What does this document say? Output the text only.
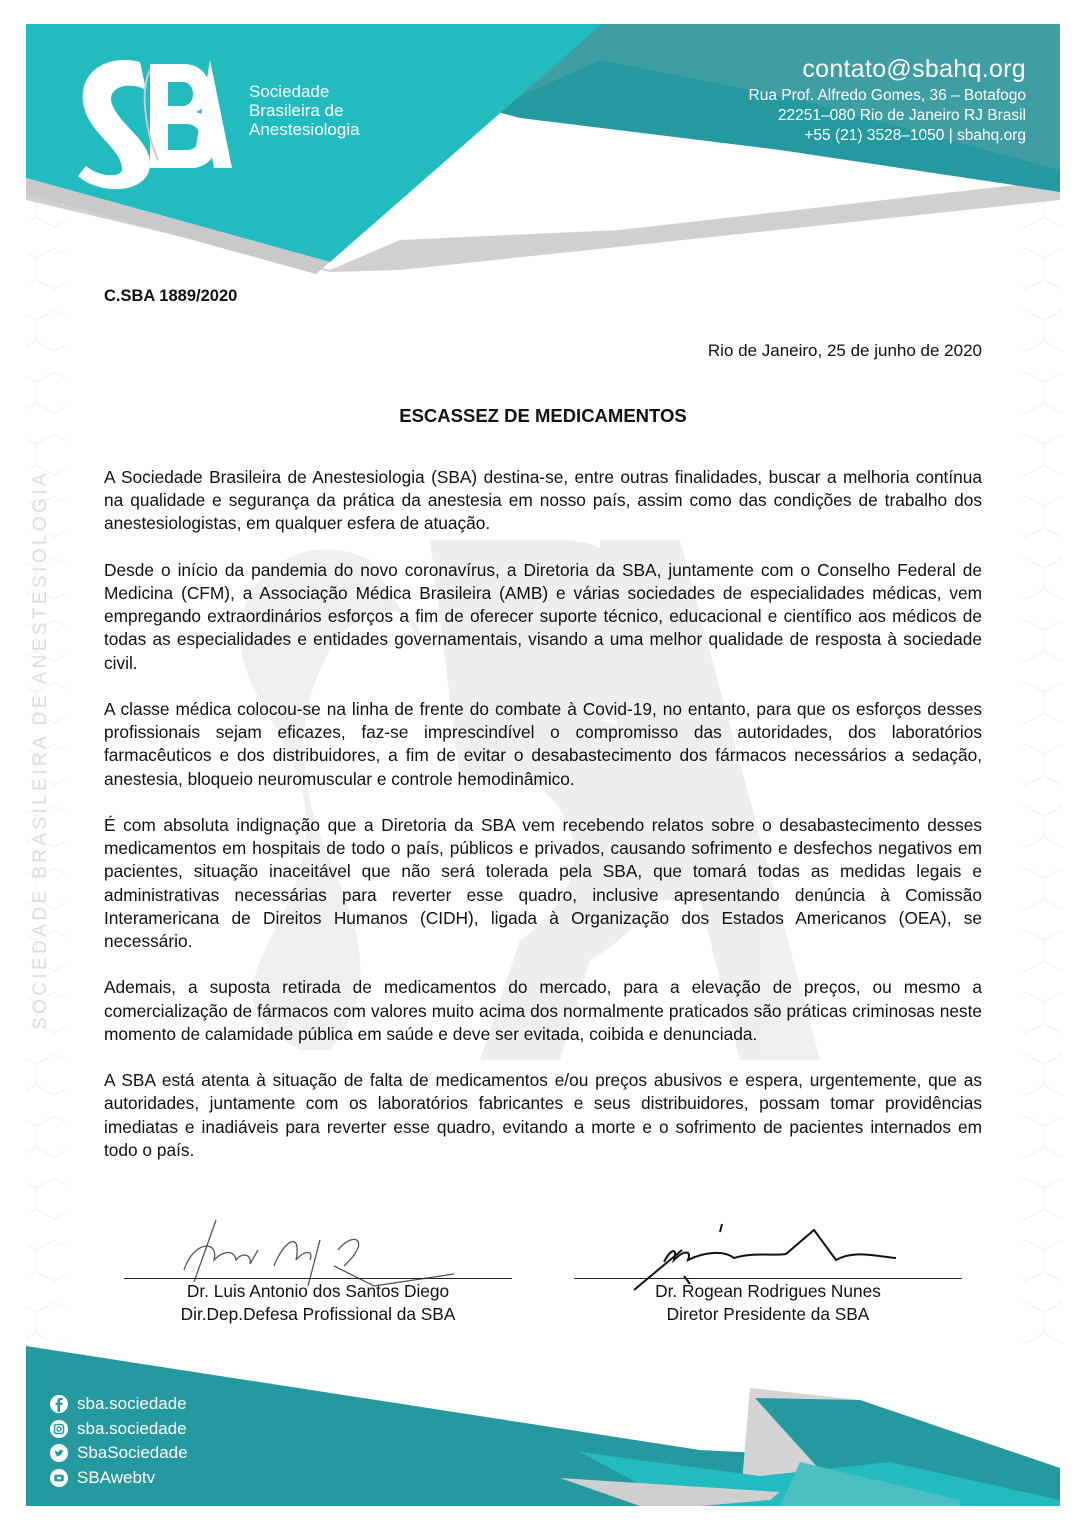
SOCIEDADE BRASILEIRA DE ANESTESIOLOGIA
Sociedade
Brasileira de
Anestesiologia
contato@sbahq.org
Rua Prof. Alfredo Gomes, 36 – Botafogo
22251–080 Rio de Janeiro RJ Brasil
+55 (21) 3528–1050 | sbahq.org
C.SBA 1889/2020
Rio de Janeiro, 25 de junho de 2020
ESCASSEZ DE MEDICAMENTOS

A Sociedade Brasileira de Anestesiologia (SBA) destina-se, entre outras finalidades, buscar a melhoria contínua na qualidade e segurança da prática da anestesia em nosso país, assim como das condições de trabalho dos anestesiologistas, em qualquer esfera de atuação.

Desde o início da pandemia do novo coronavírus, a Diretoria da SBA, juntamente com o Conselho Federal de Medicina (CFM), a Associação Médica Brasileira (AMB) e várias sociedades de especialidades médicas, vem empregando extraordinários esforços a fim de oferecer suporte técnico, educacional e científico aos médicos de todas as especialidades e entidades governamentais, visando a uma melhor qualidade de resposta à sociedade civil.

A classe médica colocou-se na linha de frente do combate à Covid-19, no entanto, para que os esforços desses profissionais sejam eficazes, faz-se imprescindível o compromisso das autoridades, dos laboratórios farmacêuticos e dos distribuidores, a fim de evitar o desabastecimento dos fármacos necessários a sedação, anestesia, bloqueio neuromuscular e controle hemodinâmico.

É com absoluta indignação que a Diretoria da SBA vem recebendo relatos sobre o desabastecimento desses medicamentos em hospitais de todo o país, públicos e privados, causando sofrimento e desfechos negativos em pacientes, situação inaceitável que não será tolerada pela SBA, que tomará todas as medidas legais e administrativas necessárias para reverter esse quadro, inclusive apresentando denúncia à Comissão Interamericana de Direitos Humanos (CIDH), ligada à Organização dos Estados Americanos (OEA), se necessário.

Ademais, a suposta retirada de medicamentos do mercado, para a elevação de preços, ou mesmo a comercialização de fármacos com valores muito acima dos normalmente praticados são práticas criminosas neste momento de calamidade pública em saúde e deve ser evitada, coibida e denunciada.

A SBA está atenta à situação de falta de medicamentos e/ou preços abusivos e espera, urgentemente, que as autoridades, juntamente com os laboratórios fabricantes e seus distribuidores, possam tomar providências imediatas e inadiáveis para reverter esse quadro, evitando a morte e o sofrimento de pacientes internados em todo o país.

Dr. Luis Antonio dos Santos Diego
Dir.Dep.Defesa Profissional da SBA
Dr. Rogean Rodrigues Nunes
Diretor Presidente da SBA
sba.sociedade
sba.sociedade
SbaSociedade
SBAwebtv
